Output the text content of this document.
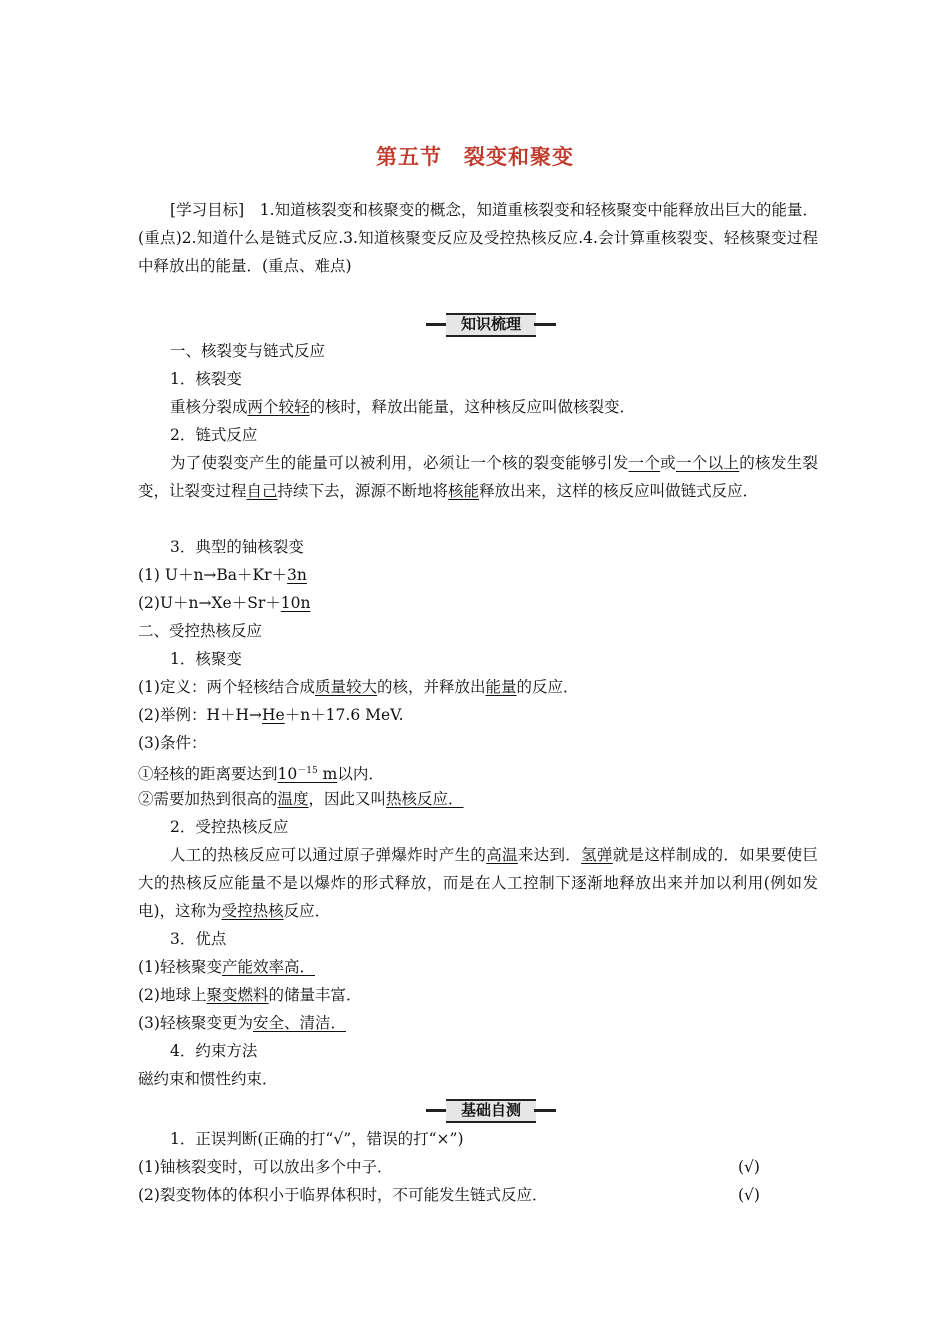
第五节 裂变和聚变
[学习目标]　1.知道核裂变和核聚变的概念，知道重核裂变和轻核聚变中能释放出巨大的能量．(重点)2.知道什么是链式反应.3.知道核聚变反应及受控热核反应.4.会计算重核裂变、轻核聚变过程中释放出的能量．(重点、难点)
知识梳理
一、核裂变与链式反应
1．核裂变
重核分裂成两个较轻的核时，释放出能量，这种核反应叫做核裂变．
2．链式反应
为了使裂变产生的能量可以被利用，必须让一个核的裂变能够引发一个或一个以上的核发生裂变，让裂变过程自己持续下去，源源不断地将核能释放出来，这样的核反应叫做链式反应．
3．典型的铀核裂变
(1) U＋n→Ba＋Kr＋3n
(2)U＋n→Xe＋Sr＋10n
二、受控热核反应
1．核聚变
(1)定义：两个轻核结合成质量较大的核，并释放出能量的反应．
(2)举例：H＋H→He＋n＋17.6 MeV.
(3)条件：
①轻核的距离要达到$10^{-15}$ m以内．
②需要加热到很高的温度，因此又叫热核反应．
2．受控热核反应
人工的热核反应可以通过原子弹爆炸时产生的高温来达到．氢弹就是这样制成的．如果要使巨大的热核反应能量不是以爆炸的形式释放，而是在人工控制下逐渐地释放出来并加以利用(例如发电)，这称为受控热核反应．
3．优点
(1)轻核聚变产能效率高．
(2)地球上聚变燃料的储量丰富．
(3)轻核聚变更为安全、清洁．
4．约束方法
磁约束和惯性约束．
基础自测
1．正误判断(正确的打“√”，错误的打“×”)
(1)铀核裂变时，可以放出多个中子．	(√)
(2)裂变物体的体积小于临界体积时，不可能发生链式反应．	(√)
